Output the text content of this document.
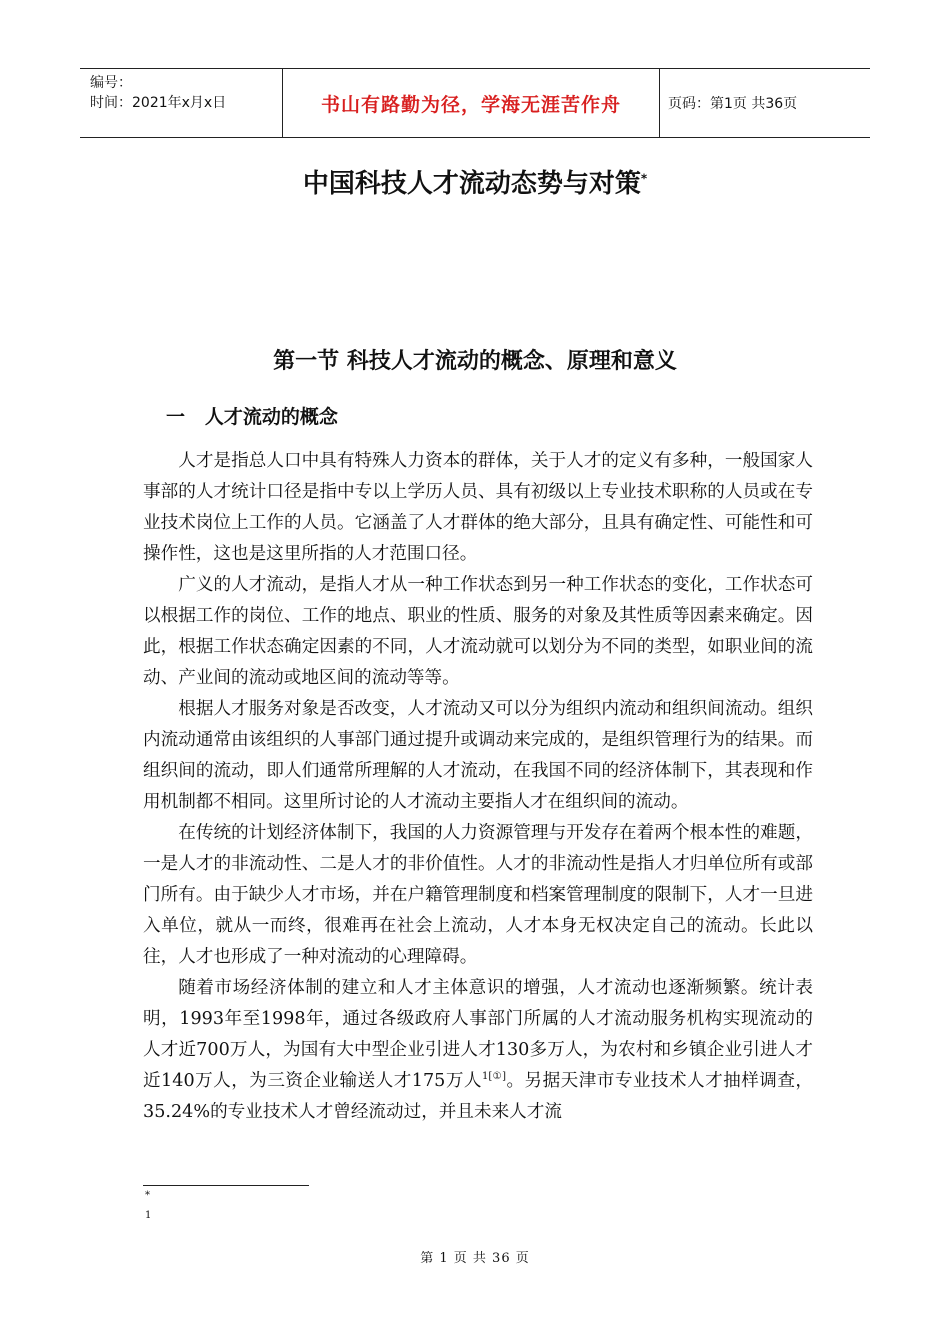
编号：
时间：2021年x月x日	书山有路勤为径，学海无涯苦作舟	页码：第1页 共36页
中国科技人才流动态势与对策*
第一节 科技人才流动的概念、原理和意义
一   人才流动的概念

人才是指总人口中具有特殊人力资本的群体，关于人才的定义有多种，一般国家人事部的人才统计口径是指中专以上学历人员、具有初级以上专业技术职称的人员或在专业技术岗位上工作的人员。它涵盖了人才群体的绝大部分，且具有确定性、可能性和可操作性，这也是这里所指的人才范围口径。

广义的人才流动，是指人才从一种工作状态到另一种工作状态的变化，工作状态可以根据工作的岗位、工作的地点、职业的性质、服务的对象及其性质等因素来确定。因此，根据工作状态确定因素的不同，人才流动就可以划分为不同的类型，如职业间的流动、产业间的流动或地区间的流动等等。

根据人才服务对象是否改变，人才流动又可以分为组织内流动和组织间流动。组织内流动通常由该组织的人事部门通过提升或调动来完成的，是组织管理行为的结果。而组织间的流动，即人们通常所理解的人才流动，在我国不同的经济体制下，其表现和作用机制都不相同。这里所讨论的人才流动主要指人才在组织间的流动。

在传统的计划经济体制下，我国的人力资源管理与开发存在着两个根本性的难题，一是人才的非流动性、二是人才的非价值性。人才的非流动性是指人才归单位所有或部门所有。由于缺少人才市场，并在户籍管理制度和档案管理制度的限制下，人才一旦进入单位，就从一而终，很难再在社会上流动，人才本身无权决定自己的流动。长此以往，人才也形成了一种对流动的心理障碍。

随着市场经济体制的建立和人才主体意识的增强，人才流动也逐渐频繁。统计表明，1993年至1998年，通过各级政府人事部门所属的人才流动服务机构实现流动的人才近700万人，为国有大中型企业引进人才130多万人，为农村和乡镇企业引进人才近140万人，为三资企业输送人才175万人$^{1[①]}$。另据天津市专业技术人才抽样调查，35.24%的专业技术人才曾经流动过，并且未来人才流

*
1
第 1 页 共 36 页
